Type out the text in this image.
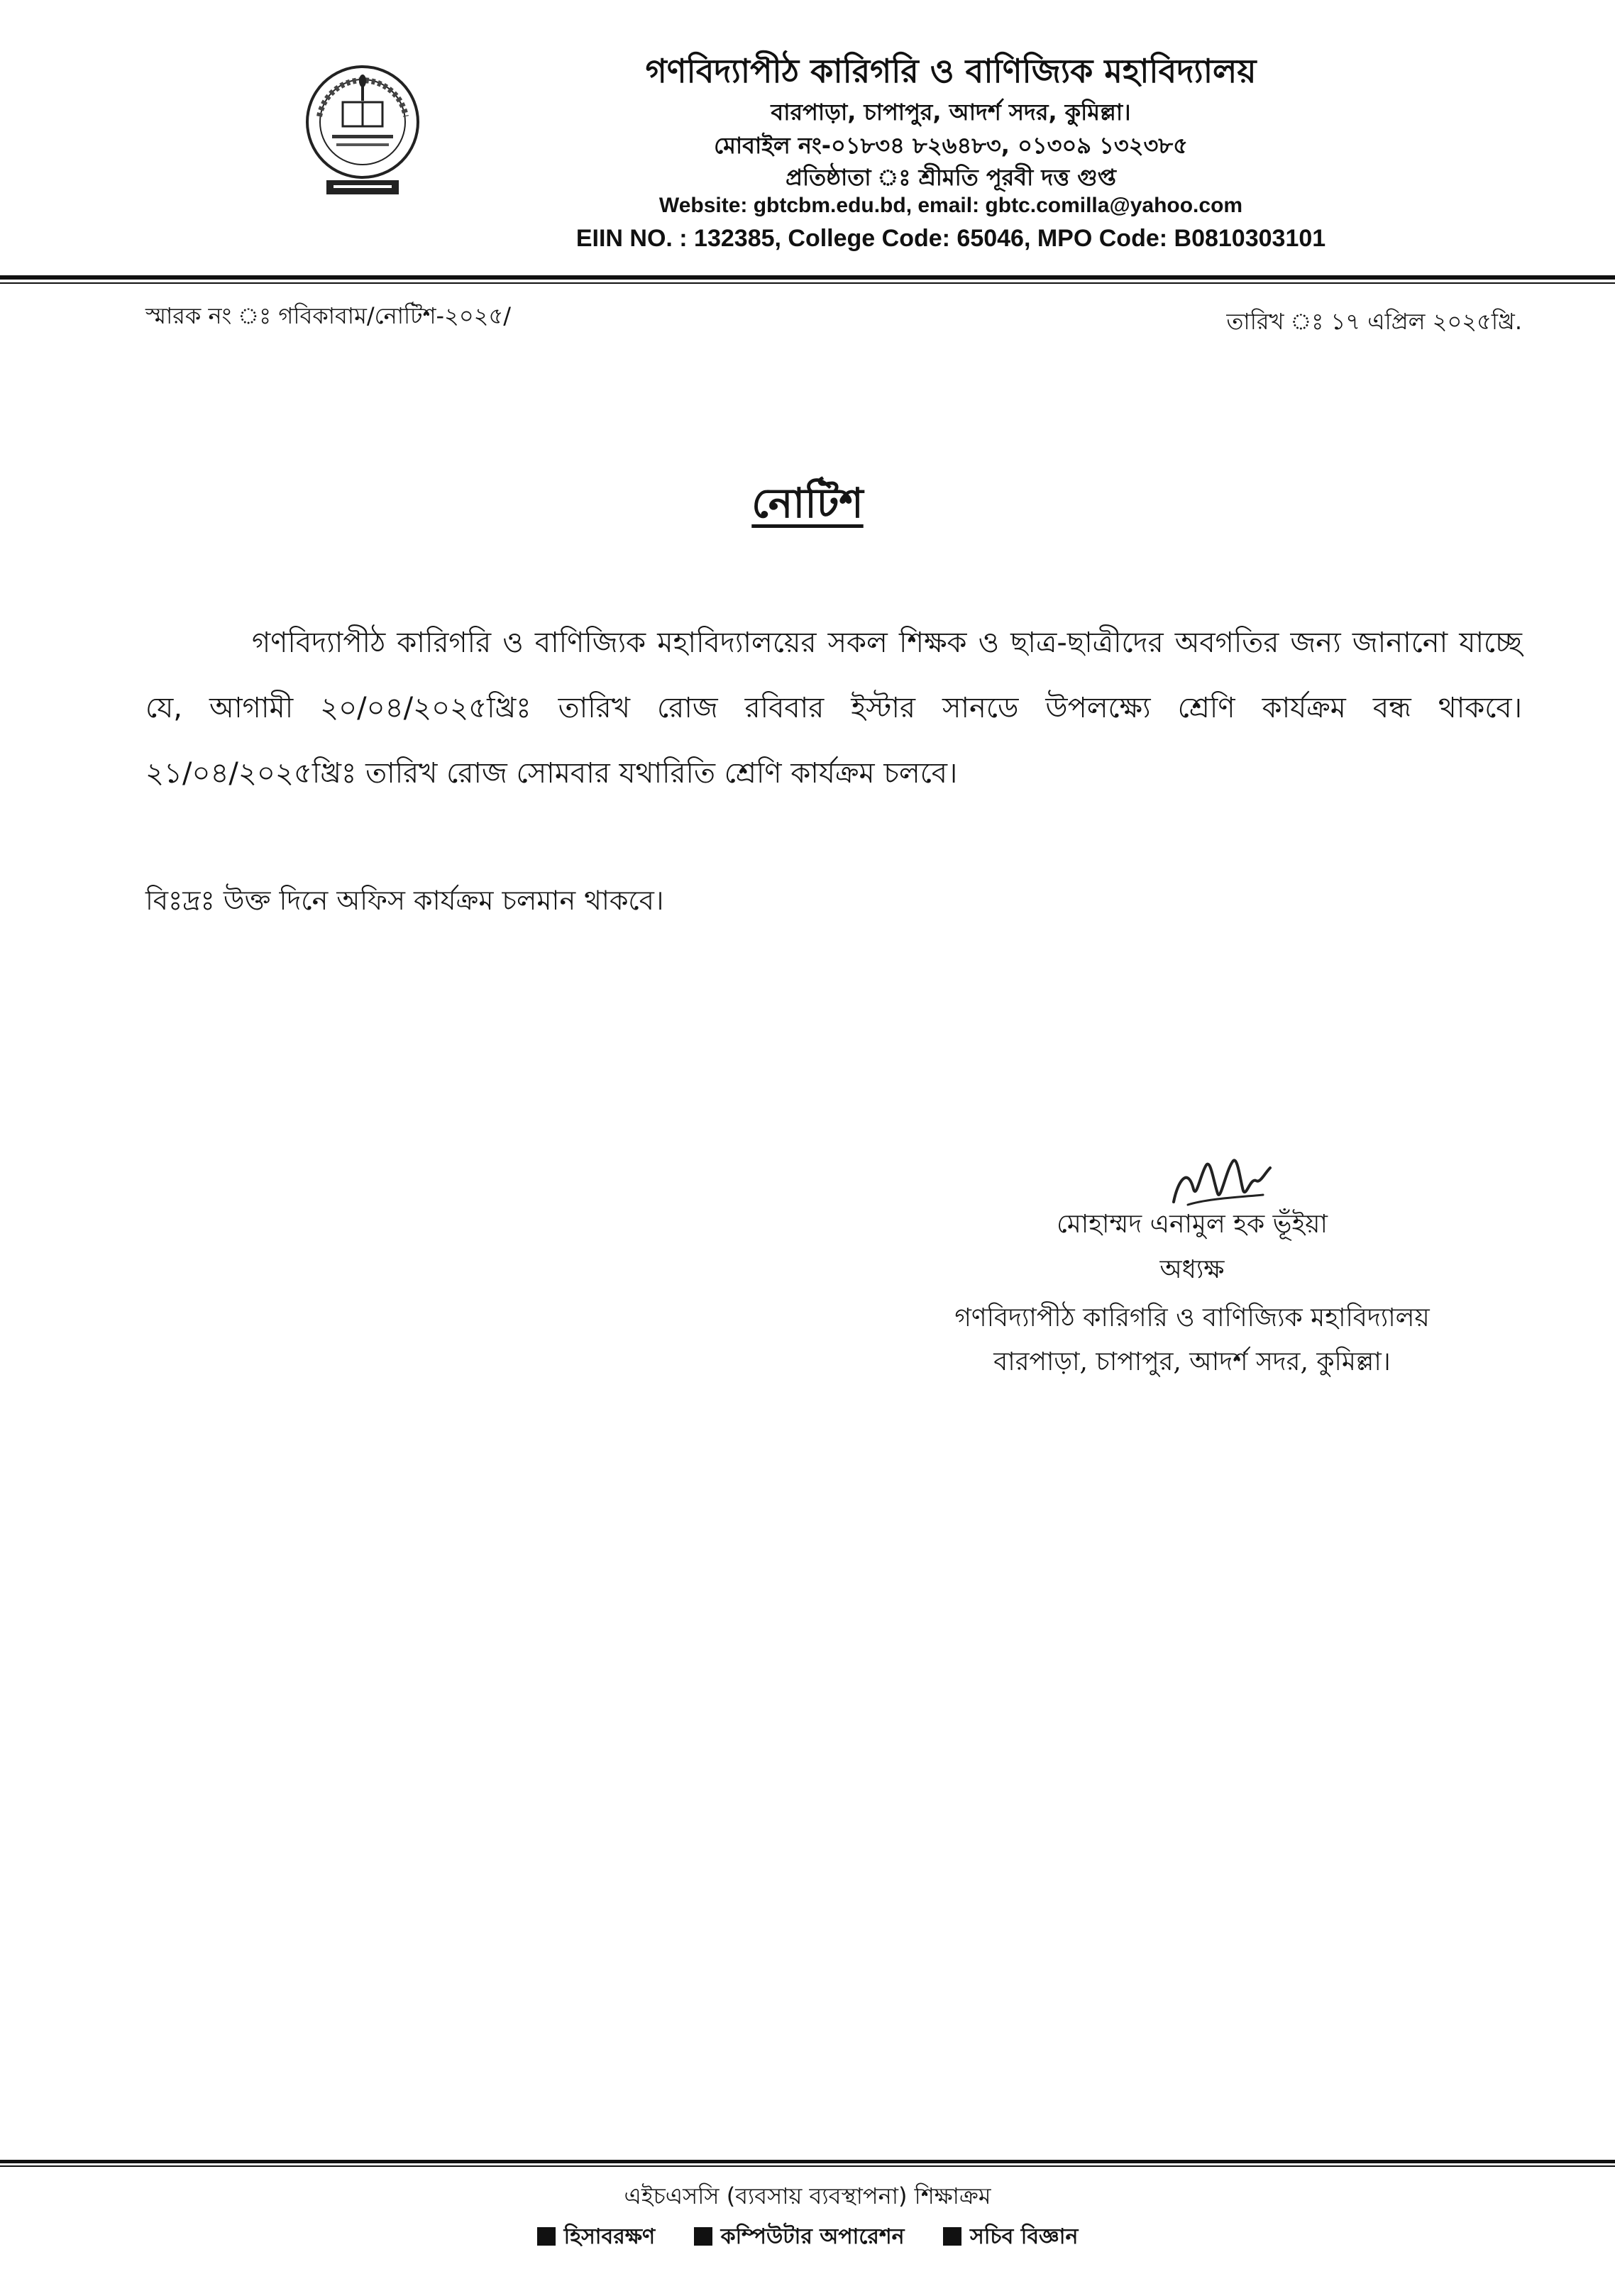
গণবিদ্যাপীঠ কারিগরি ও বাণিজ্যিক মহাবিদ্যালয়
বারপাড়া, চাপাপুর, আদর্শ সদর, কুমিল্লা।
মোবাইল নং-০১৮৩৪ ৮২৬৪৮৩, ০১৩০৯ ১৩২৩৮৫
প্রতিষ্ঠাতা ঃ শ্রীমতি পূরবী দত্ত গুপ্ত
Website: gbtcbm.edu.bd, email: gbtc.comilla@yahoo.com
EIIN NO. : 132385, College Code: 65046, MPO Code: B0810303101
স্মারক নং ঃ গবিকাবাম/নোটিশ-২০২৫/	তারিখ ঃ ১৭ এপ্রিল ২০২৫খ্রি.
নোটিশ
গণবিদ্যাপীঠ কারিগরি ও বাণিজ্যিক মহাবিদ্যালয়ের সকল শিক্ষক ও ছাত্র-ছাত্রীদের অবগতির জন্য জানানো যাচ্ছে যে, আগামী ২০/০৪/২০২৫খ্রিঃ তারিখ রোজ রবিবার ইস্টার সানডে উপলক্ষ্যে শ্রেণি কার্যক্রম বন্ধ থাকবে। ২১/০৪/২০২৫খ্রিঃ তারিখ রোজ সোমবার যথারিতি শ্রেণি কার্যক্রম চলবে।
বিঃদ্রঃ উক্ত দিনে অফিস কার্যক্রম চলমান থাকবে।
মোহাম্মদ এনামুল হক ভূঁইয়া
অধ্যক্ষ
গণবিদ্যাপীঠ কারিগরি ও বাণিজ্যিক মহাবিদ্যালয়
বারপাড়া, চাপাপুর, আদর্শ সদর, কুমিল্লা।
এইচএসসি (ব্যবসায় ব্যবস্থাপনা) শিক্ষাক্রম
হিসাবরক্ষণ	কম্পিউটার অপারেশন	সচিব বিজ্ঞান
